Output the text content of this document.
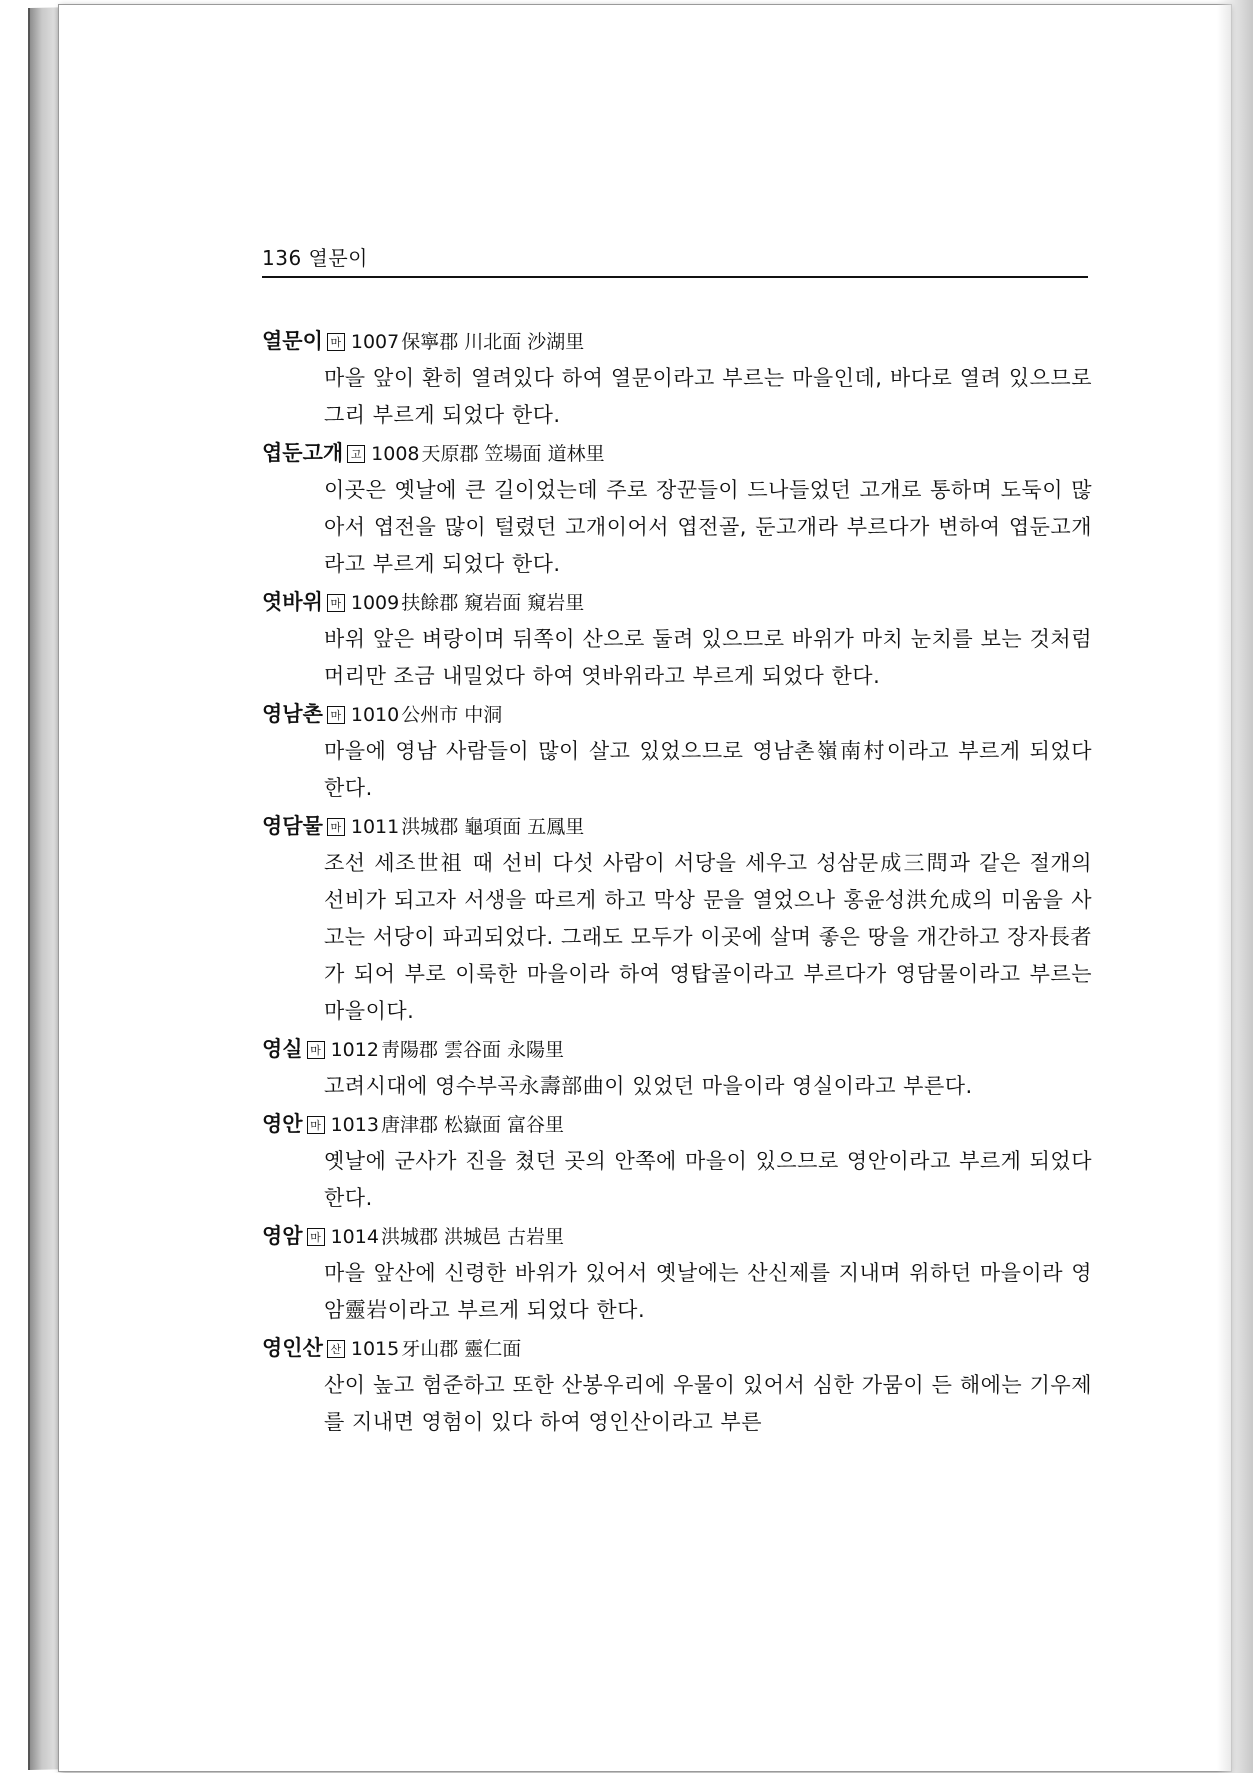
136 열문이
열문이 마 1007 保寧郡 川北面 沙湖里

마을 앞이 환히 열려있다 하여 열문이라고 부르는 마을인데, 바다로 열려 있으므로 그리 부르게 되었다 한다.

엽둔고개 고 1008 天原郡 笠場面 道林里

이곳은 옛날에 큰 길이었는데 주로 장꾼들이 드나들었던 고개로 통하며 도둑이 많아서 엽전을 많이 털렸던 고개이어서 엽전골, 둔고개라 부르다가 변하여 엽둔고개라고 부르게 되었다 한다.

엿바위 마 1009 扶餘郡 窺岩面 窺岩里

바위 앞은 벼랑이며 뒤쪽이 산으로 둘려 있으므로 바위가 마치 눈치를 보는 것처럼 머리만 조금 내밀었다 하여 엿바위라고 부르게 되었다 한다.

영남촌 마 1010 公州市 中洞

마을에 영남 사람들이 많이 살고 있었으므로 영남촌嶺南村이라고 부르게 되었다 한다.

영담물 마 1011 洪城郡 龜項面 五鳳里

조선 세조世祖 때 선비 다섯 사람이 서당을 세우고 성삼문成三問과 같은 절개의 선비가 되고자 서생을 따르게 하고 막상 문을 열었으나 홍윤성洪允成의 미움을 사고는 서당이 파괴되었다. 그래도 모두가 이곳에 살며 좋은 땅을 개간하고 장자長者가 되어 부로 이룩한 마을이라 하여 영탑골이라고 부르다가 영담물이라고 부르는 마을이다.

영실 마 1012 靑陽郡 雲谷面 永陽里

고려시대에 영수부곡永壽部曲이 있었던 마을이라 영실이라고 부른다.

영안 마 1013 唐津郡 松嶽面 富谷里

옛날에 군사가 진을 쳤던 곳의 안쪽에 마을이 있으므로 영안이라고 부르게 되었다 한다.

영암 마 1014 洪城郡 洪城邑 古岩里

마을 앞산에 신령한 바위가 있어서 옛날에는 산신제를 지내며 위하던 마을이라 영암靈岩이라고 부르게 되었다 한다.

영인산 산 1015 牙山郡 靈仁面

산이 높고 험준하고 또한 산봉우리에 우물이 있어서 심한 가뭄이 든 해에는 기우제를 지내면 영험이 있다 하여 영인산이라고 부른
